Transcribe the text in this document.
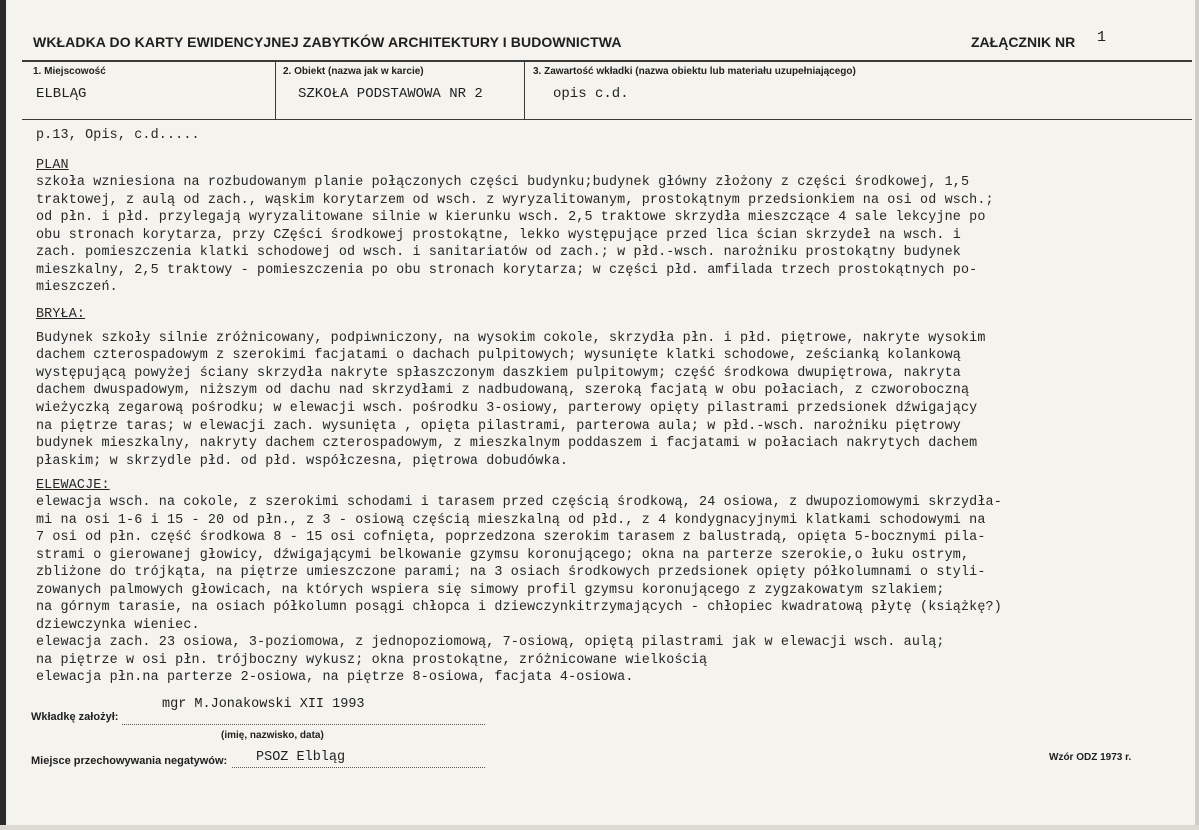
WKŁADKA DO KARTY EWIDENCYJNEJ ZABYTKÓW ARCHITEKTURY I BUDOWNICTWA	ZAŁĄCZNIK NR 1
1. Miejscowość
ELBLĄG
2. Obiekt (nazwa jak w karcie)
SZKOŁA PODSTAWOWA NR 2
3. Zawartość wkładki (nazwa obiektu lub materiału uzupełniającego)
opis c.d.
p.13, Opis, c.d.....
PLAN
szkoła wzniesiona na rozbudowanym planie połączonych części budynku;budynek główny złożony z części środkowej, 1,5
traktowej, z aulą od zach., wąskim korytarzem od wsch. z wyryzalitowanym, prostokątnym przedsionkiem na osi od wsch.;
od płn. i płd. przylegają wyryzalitowane silnie w kierunku wsch. 2,5 traktowe skrzydła mieszczące 4 sale lekcyjne po
obu stronach korytarza, przy CZęści środkowej prostokątne, lekko występujące przed lica ścian skrzydeł na wsch. i
zach. pomieszczenia klatki schodowej od wsch. i sanitariatów od zach.; w płd.-wsch. narożniku prostokątny budynek
mieszkalny, 2,5 traktowy - pomieszczenia po obu stronach korytarza; w części płd. amfilada trzech prostokątnych po-
mieszczeń.
BRYŁA:
Budynek szkoły silnie zróżnicowany, podpiwniczony, na wysokim cokole, skrzydła płn. i płd. piętrowe, nakryte wysokim
dachem czterospadowym z szerokimi facjatami o dachach pulpitowych; wysunięte klatki schodowe, ześcianką kolankową
występującą powyżej ściany skrzydła nakryte spłaszczonym daszkiem pulpitowym; część środkowa dwupiętrowa, nakryta
dachem dwuspadowym, niższym od dachu nad skrzydłami z nadbudowaną, szeroką facjatą w obu połaciach, z czworoboczną
wieżyczką zegarową pośrodku; w elewacji wsch. pośrodku 3-osiowy, parterowy opięty pilastrami przedsionek dźwigający
na piętrze taras; w elewacji zach. wysunięta , opięta pilastrami, parterowa aula; w płd.-wsch. narożniku piętrowy
budynek mieszkalny, nakryty dachem czterospadowym, z mieszkalnym poddaszem i facjatami w połaciach nakrytych dachem
płaskim; w skrzydle płd. od płd. współczesna, piętrowa dobudówka.
ELEWACJE:
elewacja wsch. na cokole, z szerokimi schodami i tarasem przed częścią środkową, 24 osiowa, z dwupoziomowymi skrzydła-
mi na osi 1-6 i 15 - 20 od płn., z 3 - osiową częścią mieszkalną od płd., z 4 kondygnacyjnymi klatkami schodowymi na
7 osi od płn. część środkowa 8 - 15 osi cofnięta, poprzedzona szerokim tarasem z balustradą, opięta 5-bocznymi pila-
strami o gierowanej głowicy, dźwigającymi belkowanie gzymsu koronującego; okna na parterze szerokie,o łuku ostrym,
zbliżone do trójkąta, na piętrze umieszczone parami; na 3 osiach środkowych przedsionek opięty półkolumnami o styli-
zowanych palmowych głowicach, na których wspiera się simowy profil gzymsu koronującego z zygzakowatym szlakiem;
na górnym tarasie, na osiach półkolumn posągi chłopca i dziewczynkitrzymających - chłopiec kwadratową płytę (książkę?)
dziewczynka wieniec.
elewacja zach. 23 osiowa, 3-poziomowa, z jednopoziomową, 7-osiową, opiętą pilastrami jak w elewacji wsch. aulą;
na piętrze w osi płn. trójboczny wykusz; okna prostokątne, zróżnicowane wielkością
elewacja płn.na parterze 2-osiowa, na piętrze 8-osiowa, facjata 4-osiowa.
Wkładkę założył:
mgr M.Jonakowski XII 1993
(imię, nazwisko, data)
Miejsce przechowywania negatywów: PSOZ Elbląg	Wzór ODZ 1973 r.
